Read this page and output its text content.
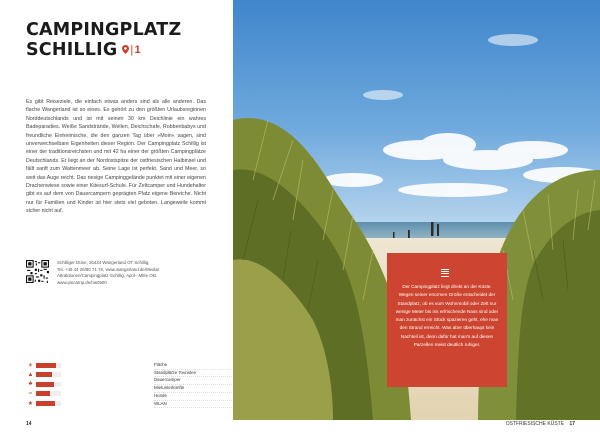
CAMPINGPLATZ
SCHILLIG	|1
Es gibt Reiseziele, die einfach etwas anders sind als alle anderen. Das flache Wangerland ist so eines. Es gehört zu den größten Urlaubsregionen Norddeutschlands und ist mit seinen 30 km Deichlinie ein wahres Badeparadies. Weiße Sandstrände, Wellen, Deichschafe, Robbenbabys und freundliche Einheimische, die den ganzen Tag über »Moin« sagen, sind unverwechselbare Eigenheiten dieser Region. Der Campingplatz Schillig ist einer der traditionsreichsten und mit 42 ha einer der größten Campingplätze Deutschlands. Er liegt an der Nordostspitze der ostfriesischen Halbinsel und fällt sanft zum Wattenmeer ab. Seine Lage ist perfekt. Sand und Meer, so weit das Auge reicht. Das riesige Campinggelände punktet mit einer eigenen Drachenwiese sowie einer Kitesurf-Schule. Für Zeltcamper und Hundehalter gibt es auf dem von Dauercampern geprägten Platz eigene Bereiche. Nicht nur für Familien und Kinder ist hier stets viel geboten. Langeweile kommt sicher nicht auf.
Schilliger Düne, 26434 Wangerland OT Schillig,
Tel. +49 44 26/90 71 70, www.wangerland.de/Media/
Attraktionen/Campingplatz-Schillig, April– Mitte Okt.
www.pincamp.de/nw0500
☀
▲
♣
≈
★
Fläche
Standplätze Touristen
Dauercamper
Mietunterkünfte
Hunde
WLAN
Der Campingplatz liegt direkt an der Küste. Wegen seiner enormen Größe entscheidet der Standplatz, ob es vom Wohnmobil oder Zelt nur wenige Meter bis ins erfrischende Nass sind oder man zunächst ein Stück spazieren geht, ehe man den Strand erreicht. Was aber überhaupt kein Nachteil ist, denn dafür hat man's auf diesen Parzellen meist deutlich ruhiger.
14	OSTFRIESISCHE KÜSTE 17
